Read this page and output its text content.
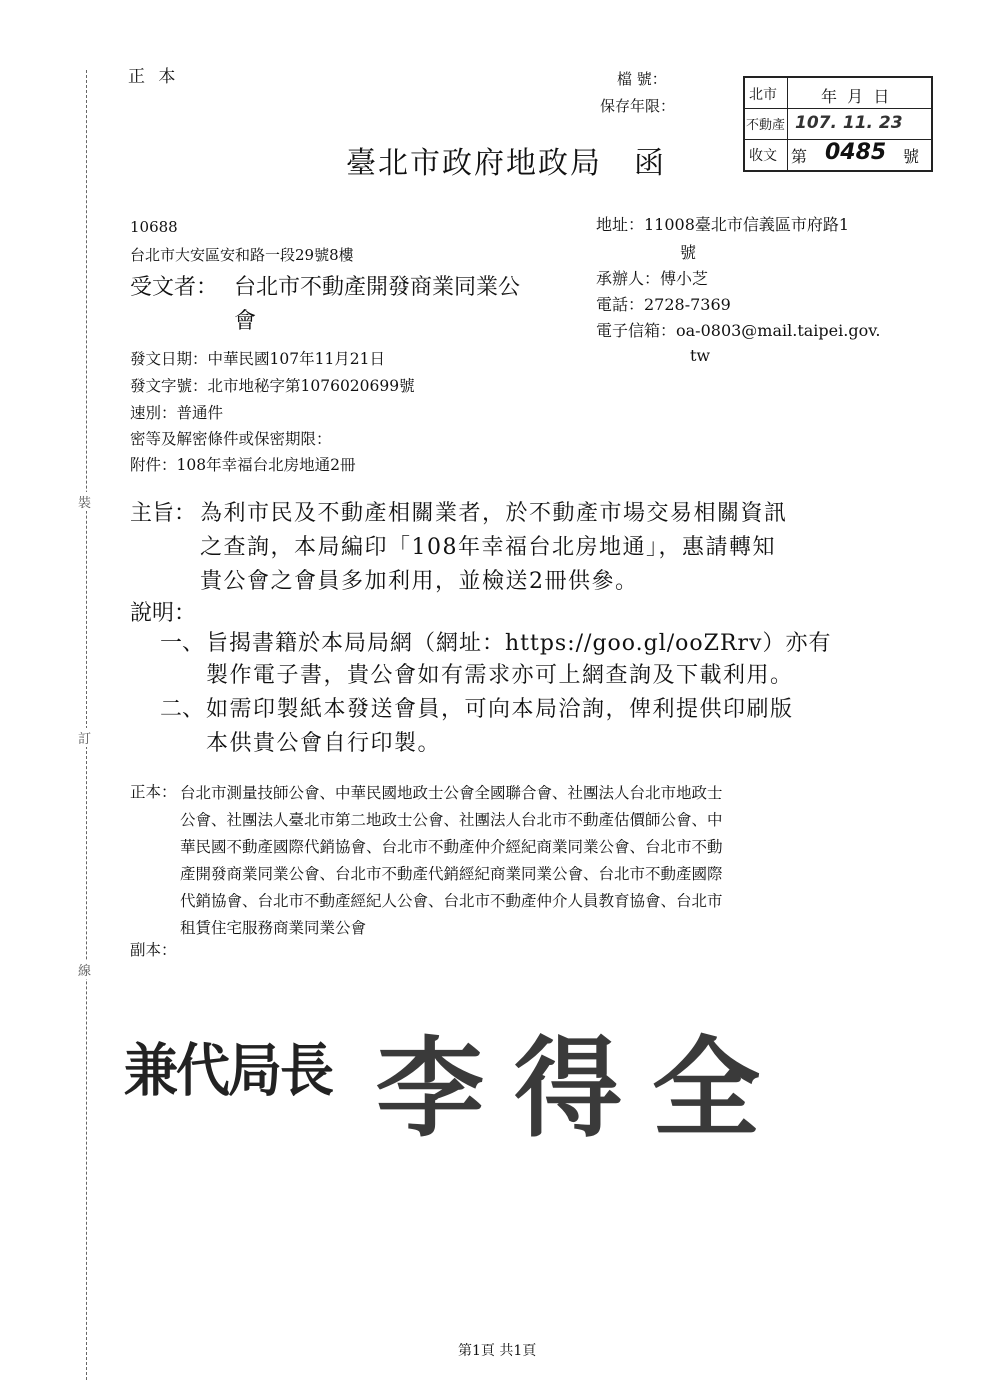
裝
訂
線
正 本	檔 號：
保存年限：
北市
不動產
收文
年  月  日
107. 11. 23
第 0485 號
臺北市政府地政局　函
10688
台北市大安區安和路一段29號8樓
受文者： 台北市不動產開發商業同業公
會
地址：11008臺北市信義區市府路1
號
承辦人：傅小芝
電話：2728-7369
電子信箱：oa-0803@mail.taipei.gov.
tw
發文日期：中華民國107年11月21日
發文字號：北市地秘字第1076020699號
速別：普通件
密等及解密條件或保密期限：
附件：108年幸福台北房地通2冊
主旨： 為利市民及不動產相關業者，於不動產市場交易相關資訊
之查詢，本局編印「108年幸福台北房地通」，惠請轉知
貴公會之會員多加利用，並檢送2冊供參。
說明：
一、 旨揭書籍於本局局網（網址：https://goo.gl/ooZRrv）亦有
製作電子書，貴公會如有需求亦可上網查詢及下載利用。
二、 如需印製紙本發送會員，可向本局洽詢，俾利提供印刷版
本供貴公會自行印製。
正本： 台北市測量技師公會、中華民國地政士公會全國聯合會、社團法人台北市地政士
公會、社團法人臺北市第二地政士公會、社團法人台北市不動產估價師公會、中
華民國不動產國際代銷協會、台北市不動產仲介經紀商業同業公會、台北市不動
產開發商業同業公會、台北市不動產代銷經紀商業同業公會、台北市不動產國際
代銷協會、台北市不動產經紀人公會、台北市不動產仲介人員教育協會、台北市
租賃住宅服務商業同業公會
副本：
兼代局長 李得全
第1頁 共1頁
